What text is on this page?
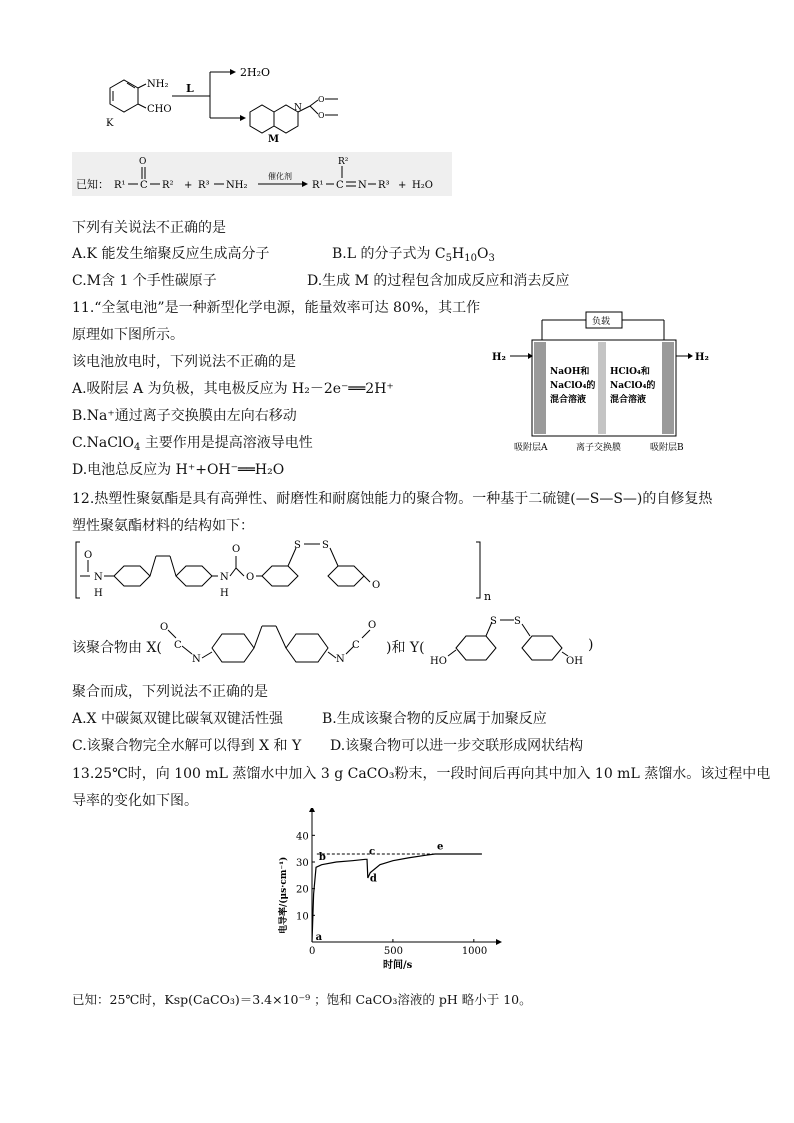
NH₂
CHO
K
L
2H₂O
N
O
O
M
已知： R¹ C
O
R² + R³ NH₂
催化剂
R¹ C
R²
N R³ + H₂O
下列有关说法不正确的是
A.K 能发生缩聚反应生成高分子	B.L 的分子式为 $C_5H_{10}O_3$
C.M含 1 个手性碳原子	D.生成 M 的过程包含加成反应和消去反应
11.“全氢电池”是一种新型化学电源，能量效率可达 80%，其工作
原理如下图所示。
该电池放电时，下列说法不正确的是
A.吸附层 A 为负极，其电极反应为 H₂－2e⁻══2H⁺
B.Na⁺通过离子交换膜由左向右移动
C.NaClO$_4$ 主要作用是提高溶液导电性
D.电池总反应为 H⁺+OH⁻══H₂O
负载
NaOH和
NaClO₄的
混合溶液
HClO₄和
NaClO₄的
混合溶液
H₂	H₂
吸附层A	离子交换膜	吸附层B
12.热塑性聚氨酯是具有高弹性、耐磨性和耐腐蚀能力的聚合物。一种基于二硫键(—S—S—)的自修复热
塑性聚氨酯材料的结构如下：
n
O
N
H
N
H
O
O
S S
O
该聚合物由 X(
O
C
N	N
C
O
)和 Y(
HO
S S
OH
)
聚合而成，下列说法不正确的是
A.X 中碳氮双键比碳氧双键活性强	B.生成该聚合物的反应属于加聚反应
C.该聚合物完全水解可以得到 X 和 Y D.该聚合物可以进一步交联形成网状结构
13.25℃时，向 100 mL 蒸馏水中加入 3 g CaCO₃粉末，一段时间后再向其中加入 10 mL 蒸馏水。该过程中电
导率的变化如下图。
10
20
30
40
0	500	1000
时间/s
电导率/(μs·cm⁻¹)
a
b	c
d
e
已知：25℃时，Ksp(CaCO₃)＝3.4×10⁻⁹ ；饱和 CaCO₃溶液的 pH 略小于 10。
